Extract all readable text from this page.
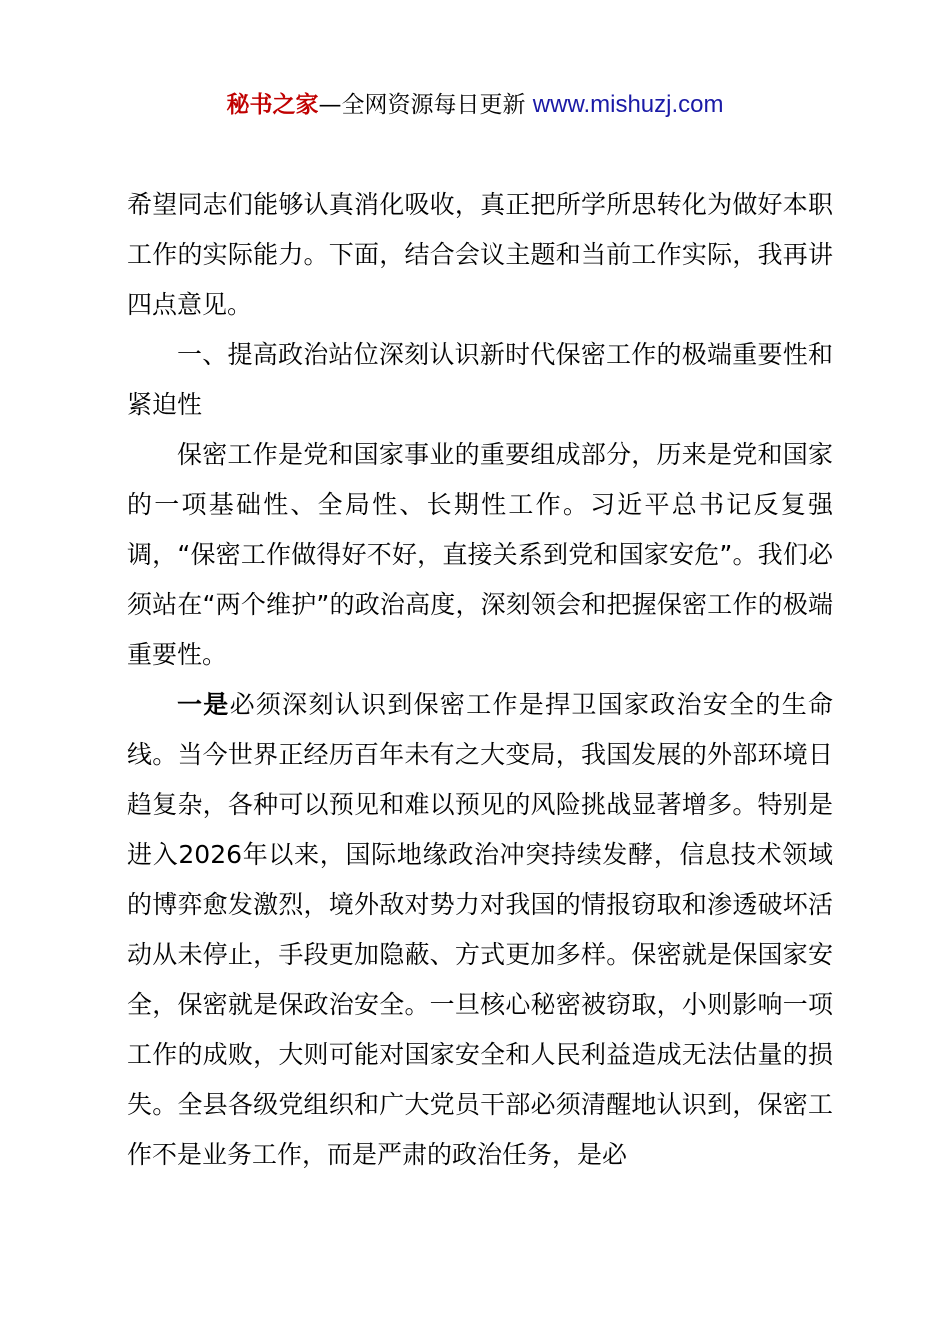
秘书之家—全网资源每日更新 www.mishuzj.com

希望同志们能够认真消化吸收，真正把所学所思转化为做好本职工作的实际能力。下面，结合会议主题和当前工作实际，我再讲四点意见。

一、提高政治站位深刻认识新时代保密工作的极端重要性和紧迫性

保密工作是党和国家事业的重要组成部分，历来是党和国家的一项基础性、全局性、长期性工作。习近平总书记反复强调，“保密工作做得好不好，直接关系到党和国家安危”。我们必须站在“两个维护”的政治高度，深刻领会和把握保密工作的极端重要性。

一是必须深刻认识到保密工作是捍卫国家政治安全的生命线。当今世界正经历百年未有之大变局，我国发展的外部环境日趋复杂，各种可以预见和难以预见的风险挑战显著增多。特别是进入2026年以来，国际地缘政治冲突持续发酵，信息技术领域的博弈愈发激烈，境外敌对势力对我国的情报窃取和渗透破坏活动从未停止，手段更加隐蔽、方式更加多样。保密就是保国家安全，保密就是保政治安全。一旦核心秘密被窃取，小则影响一项工作的成败，大则可能对国家安全和人民利益造成无法估量的损失。全县各级党组织和广大党员干部必须清醒地认识到，保密工作不是业务工作，而是严肃的政治任务，是必
